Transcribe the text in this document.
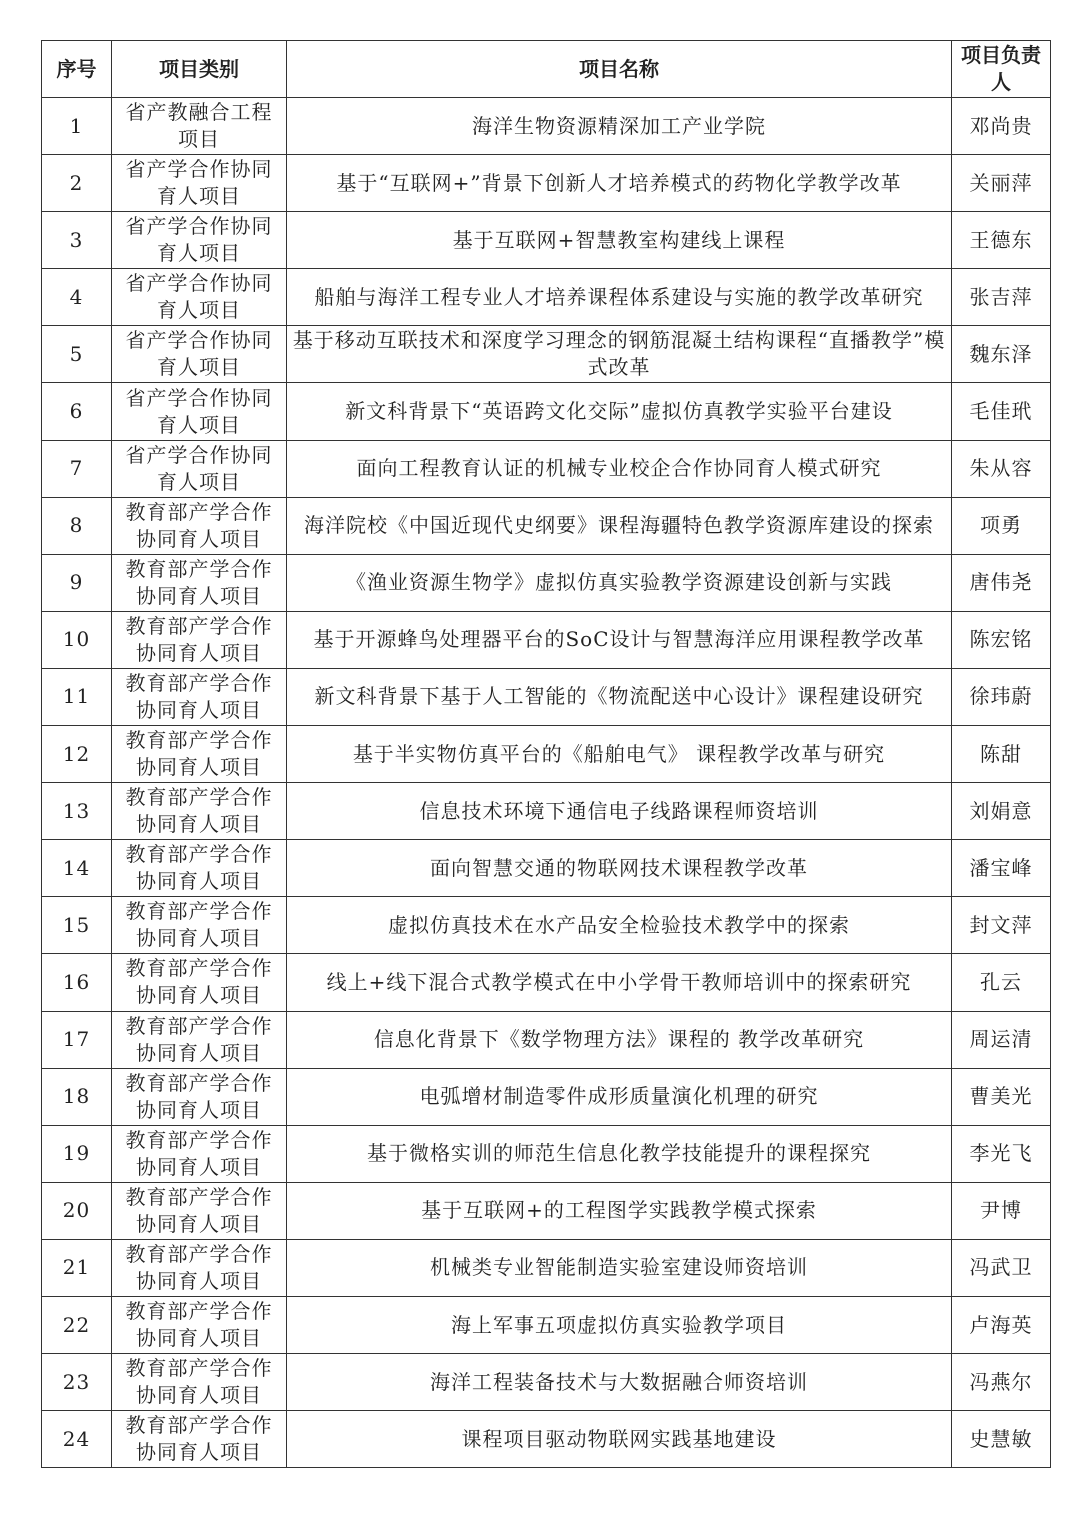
序号	项目类别	项目名称	项目负责人
1	省产教融合工程项目	海洋生物资源精深加工产业学院	邓尚贵
2	省产学合作协同育人项目	基于“互联网+”背景下创新人才培养模式的药物化学教学改革	关丽萍
3	省产学合作协同育人项目	基于互联网+智慧教室构建线上课程	王德东
4	省产学合作协同育人项目	船舶与海洋工程专业人才培养课程体系建设与实施的教学改革研究	张吉萍
5	省产学合作协同育人项目	基于移动互联技术和深度学习理念的钢筋混凝土结构课程“直播教学”模式改革	魏东泽
6	省产学合作协同育人项目	新文科背景下“英语跨文化交际”虚拟仿真教学实验平台建设	毛佳玳
7	省产学合作协同育人项目	面向工程教育认证的机械专业校企合作协同育人模式研究	朱从容
8	教育部产学合作协同育人项目	海洋院校《中国近现代史纲要》课程海疆特色教学资源库建设的探索	项勇
9	教育部产学合作协同育人项目	《渔业资源生物学》虚拟仿真实验教学资源建设创新与实践	唐伟尧
10	教育部产学合作协同育人项目	基于开源蜂鸟处理器平台的SoC设计与智慧海洋应用课程教学改革	陈宏铭
11	教育部产学合作协同育人项目	新文科背景下基于人工智能的《物流配送中心设计》课程建设研究	徐玮蔚
12	教育部产学合作协同育人项目	基于半实物仿真平台的《船舶电气》 课程教学改革与研究	陈甜
13	教育部产学合作协同育人项目	信息技术环境下通信电子线路课程师资培训	刘娟意
14	教育部产学合作协同育人项目	面向智慧交通的物联网技术课程教学改革	潘宝峰
15	教育部产学合作协同育人项目	虚拟仿真技术在水产品安全检验技术教学中的探索	封文萍
16	教育部产学合作协同育人项目	线上+线下混合式教学模式在中小学骨干教师培训中的探索研究	孔云
17	教育部产学合作协同育人项目	信息化背景下《数学物理方法》课程的 教学改革研究	周运清
18	教育部产学合作协同育人项目	电弧增材制造零件成形质量演化机理的研究	曹美光
19	教育部产学合作协同育人项目	基于微格实训的师范生信息化教学技能提升的课程探究	李光飞
20	教育部产学合作协同育人项目	基于互联网+的工程图学实践教学模式探索	尹博
21	教育部产学合作协同育人项目	机械类专业智能制造实验室建设师资培训	冯武卫
22	教育部产学合作协同育人项目	海上军事五项虚拟仿真实验教学项目	卢海英
23	教育部产学合作协同育人项目	海洋工程装备技术与大数据融合师资培训	冯燕尔
24	教育部产学合作协同育人项目	课程项目驱动物联网实践基地建设	史慧敏
